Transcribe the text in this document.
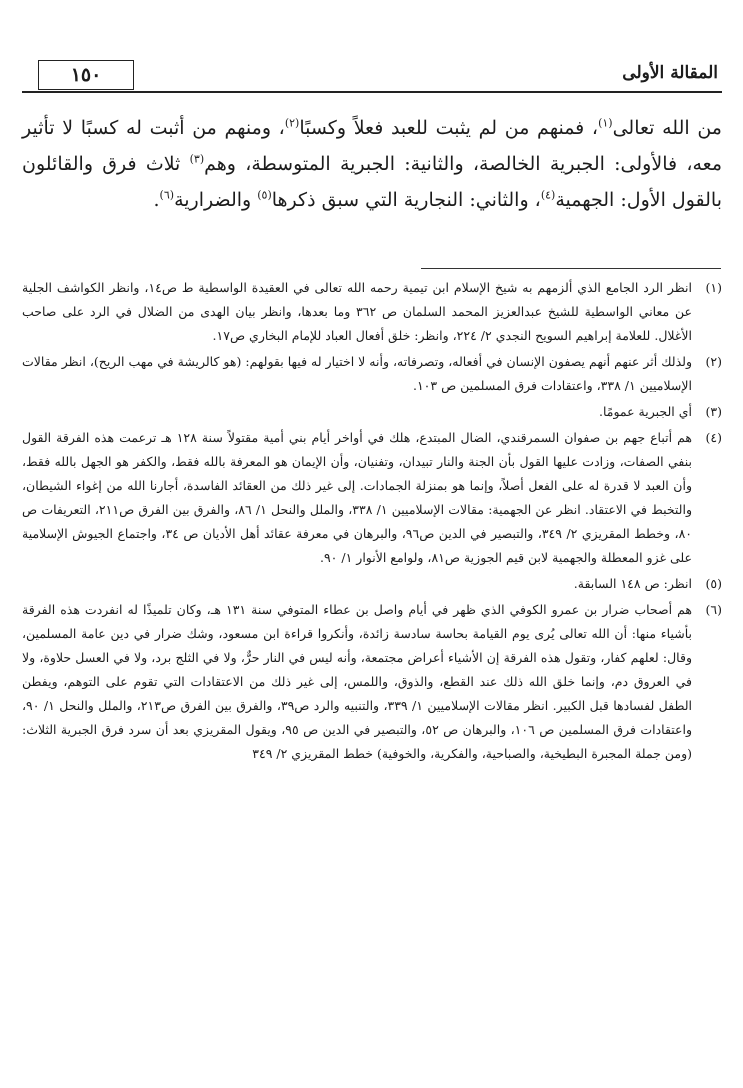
١٥٠	المقالة الأولى
من الله تعالى$^{(١)}$، فمنهم من لم يثبت للعبد فعلاً وكسبًا$^{(٢)}$، ومنهم من أثبت له كسبًا لا تأثير معه، فالأولى: الجبرية الخالصة، والثانية: الجبرية المتوسطة، وهم$^{(٣)}$ ثلاث فرق والقائلون بالقول الأول: الجهمية$^{(٤)}$، والثاني: النجارية التي سبق ذكرها$^{(٥)}$ والضرارية$^{(٦)}$.
(١)
انظر الرد الجامع الذي ألزمهم به شيخ الإسلام ابن تيمية رحمه الله تعالى في العقيدة الواسطية ط ص١٤، وانظر الكواشف الجلية عن معاني الواسطية للشيخ عبدالعزيز المحمد السلمان ص ٣٦٢ وما بعدها، وانظر بيان الهدى من الضلال في الرد على صاحب الأغلال. للعلامة إبراهيم السويح النجدي ٢/ ٢٢٤، وانظر: خلق أفعال العباد للإمام البخاري ص١٧.
(٢)
ولذلك أثر عنهم أنهم يصفون الإنسان في أفعاله، وتصرفاته، وأنه لا اختيار له فيها بقولهم: (هو كالريشة في مهب الريح)، انظر مقالات الإسلاميين ١/ ٣٣٨، واعتقادات فرق المسلمين ص ١٠٣.
(٣)
أي الجبرية عمومًا.
(٤)
هم أتباع جهم بن صفوان السمرقندي، الضال المبتدع، هلك في أواخر أيام بني أمية مقتولاً سنة ١٢٨ هـ ترعمت هذه الفرقة القول بنفي الصفات، وزادت عليها القول بأن الجنة والنار تبيدان، وتفنيان، وأن الإيمان هو المعرفة بالله فقط، والكفر هو الجهل بالله فقط، وأن العبد لا قدرة له على الفعل أصلاً، وإنما هو بمنزلة الجمادات. إلى غير ذلك من العقائد الفاسدة، أجارنا الله من إغواء الشيطان، والتخبط في الاعتقاد. انظر عن الجهمية: مقالات الإسلاميين ١/ ٣٣٨، والملل والنحل ١/ ٨٦، والفرق بين الفرق ص٢١١، التعريفات ص ٨٠، وخطط المقريزي ٢/ ٣٤٩، والتبصير في الدين ص٩٦، والبرهان في معرفة عقائد أهل الأديان ص ٣٤، واجتماع الجيوش الإسلامية على غزو المعطلة والجهمية لابن قيم الجوزية ص٨١، ولوامع الأنوار ١/ ٩٠.
(٥)
انظر: ص ١٤٨ السابقة.
(٦)
هم أصحاب ضرار بن عمرو الكوفي الذي ظهر في أيام واصل بن عطاء المتوفي سنة ١٣١ هـ، وكان تلميذًا له انفردت هذه الفرقة بأشياء منها: أن الله تعالى يُرى يوم القيامة بحاسة سادسة زائدة، وأنكروا قراءة ابن مسعود، وشك ضرار في دين عامة المسلمين، وقال: لعلهم كفار، وتقول هذه الفرقة إن الأشياء أعراض مجتمعة، وأنه ليس في النار حرٌّ، ولا في الثلج برد، ولا في العسل حلاوة، ولا في العروق دم، وإنما خلق الله ذلك عند القطع، والذوق، واللمس، إلى غير ذلك من الاعتقادات التي تقوم على التوهم، ويفطن الطفل لفسادها قبل الكبير. انظر مقالات الإسلاميين ١/ ٣٣٩، والتنبيه والرد ص٣٩، والفرق بين الفرق ص٢١٣، والملل والنحل ١/ ٩٠، واعتقادات فرق المسلمين ص ١٠٦، والبرهان ص ٥٢، والتبصير في الدين ص ٩٥، ويقول المقريزي بعد أن سرد فرق الجبرية الثلاث: (ومن جملة المجبرة البطيخية، والصباحية، والفكرية، والخوفية) خطط المقريزي ٢/ ٣٤٩
